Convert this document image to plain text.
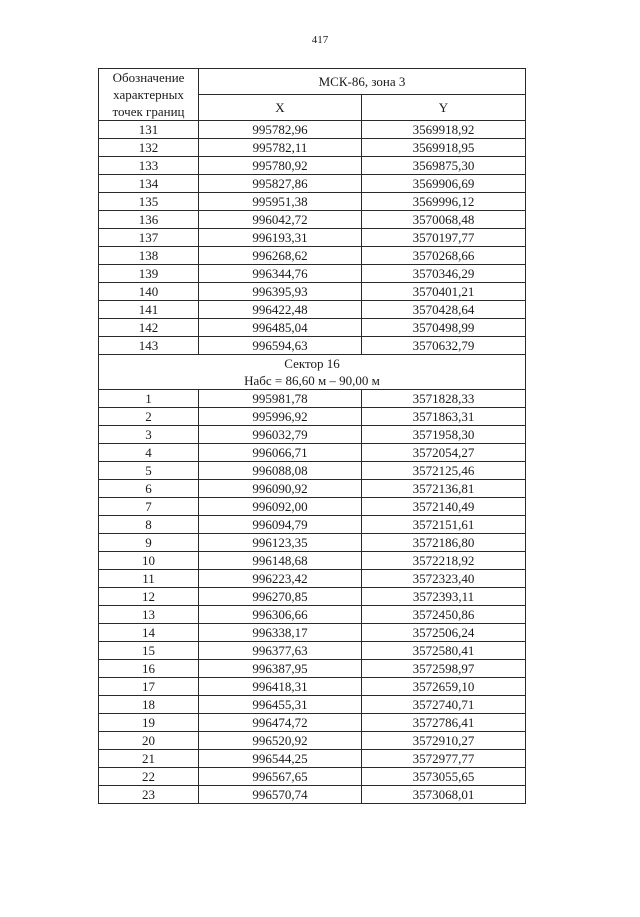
417
Обозначение характерных точек границ	МСК-86, зона 3	
	X	Y
131	995782,96	3569918,92
132	995782,11	3569918,95
133	995780,92	3569875,30
134	995827,86	3569906,69
135	995951,38	3569996,12
136	996042,72	3570068,48
137	996193,31	3570197,77
138	996268,62	3570268,66
139	996344,76	3570346,29
140	996395,93	3570401,21
141	996422,48	3570428,64
142	996485,04	3570498,99
143	996594,63	3570632,79

Сектор 16
Набс = 86,60 м – 90,00 м		

1	995981,78	3571828,33
2	995996,92	3571863,31
3	996032,79	3571958,30
4	996066,71	3572054,27
5	996088,08	3572125,46
6	996090,92	3572136,81
7	996092,00	3572140,49
8	996094,79	3572151,61
9	996123,35	3572186,80
10	996148,68	3572218,92
11	996223,42	3572323,40
12	996270,85	3572393,11
13	996306,66	3572450,86
14	996338,17	3572506,24
15	996377,63	3572580,41
16	996387,95	3572598,97
17	996418,31	3572659,10
18	996455,31	3572740,71
19	996474,72	3572786,41
20	996520,92	3572910,27
21	996544,25	3572977,77
22	996567,65	3573055,65
23	996570,74	3573068,01
